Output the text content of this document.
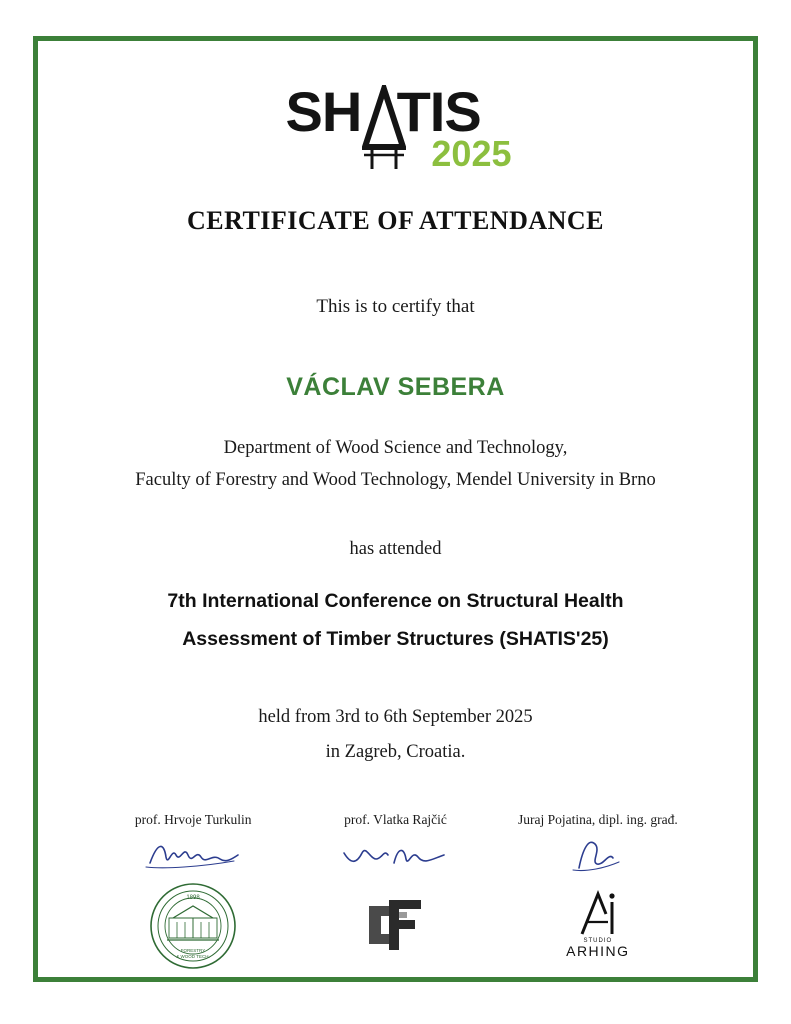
SH TIS
2025
CERTIFICATE OF ATTENDANCE
This is to certify that
VÁCLAV SEBERA
Department of Wood Science and Technology,
Faculty of Forestry and Wood Technology, Mendel University in Brno
has attended
7th International Conference on Structural Health
Assessment of Timber Structures (SHATIS'25)
held from 3rd to 6th September 2025
in Zagreb, Croatia.
prof. Hrvoje Turkulin	prof. Vlatka Rajčić	Juraj Pojatina, dipl. ing. građ.
1898
FORESTRY
& WOOD TECH.
STUDIO
ARHING
